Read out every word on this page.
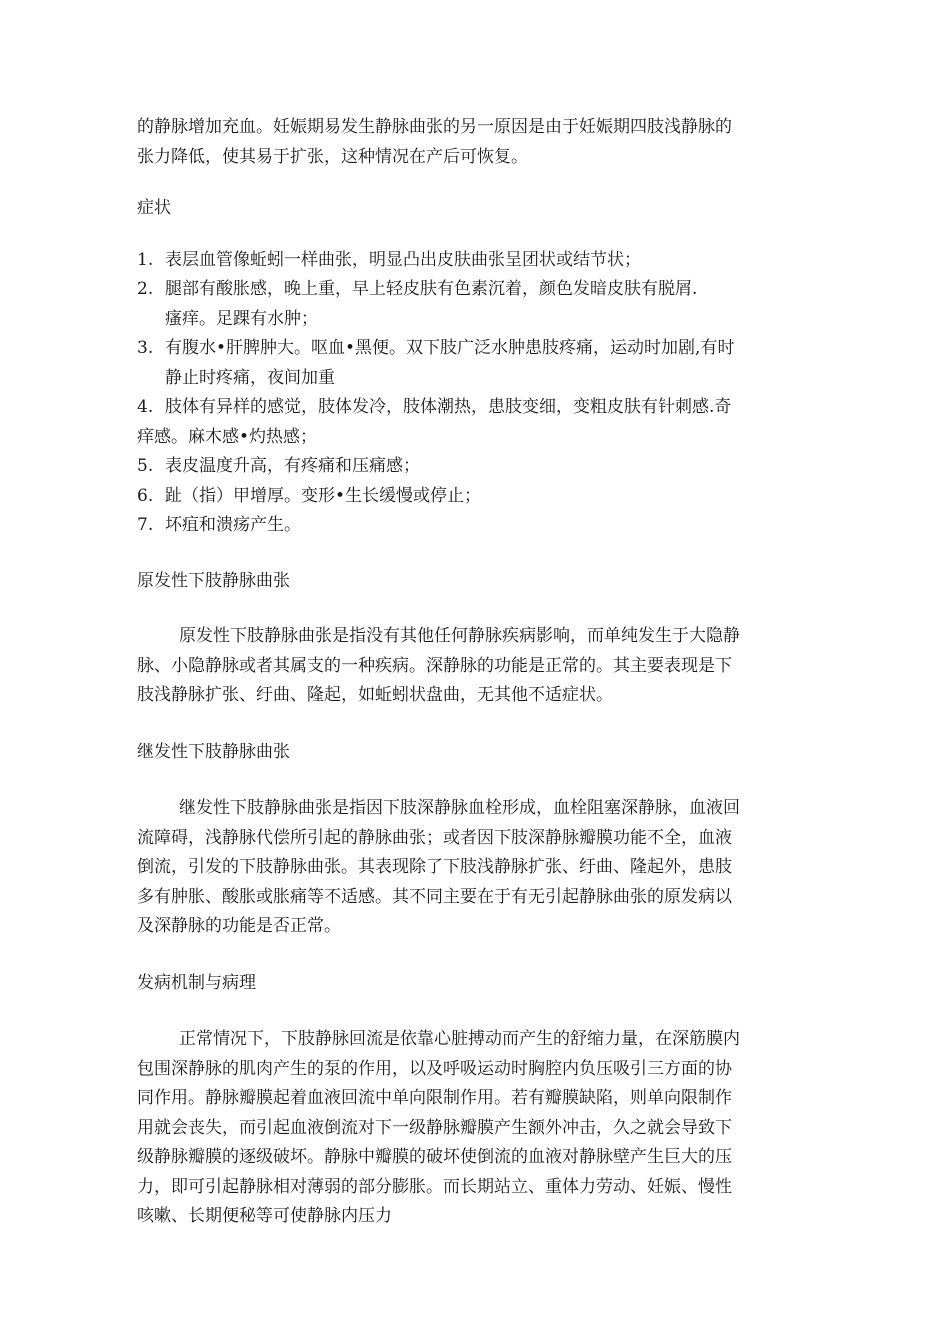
的静脉增加充血。妊娠期易发生静脉曲张的另一原因是由于妊娠期四肢浅静脉的
张力降低，使其易于扩张，这种情况在产后可恢复。

症状

1. 表层血管像蚯蚓一样曲张，明显凸出皮肤曲张呈团状或结节状；
2. 腿部有酸胀感，晚上重，早上轻皮肤有色素沉着，颜色发暗皮肤有脱屑.
瘙痒。足踝有水肿；
3. 有腹水•肝脾肿大。呕血•黑便。双下肢广泛水肿患肢疼痛，运动时加剧,有时
静止时疼痛，夜间加重
4. 肢体有异样的感觉，肢体发冷，肢体潮热，患肢变细，变粗皮肤有针刺感.奇
痒感。麻木感•灼热感；
5. 表皮温度升高，有疼痛和压痛感；
6. 趾（指）甲增厚。变形•生长缓慢或停止；
7. 坏疽和溃疡产生。

原发性下肢静脉曲张

原发性下肢静脉曲张是指没有其他任何静脉疾病影响，而单纯发生于大隐静
脉、小隐静脉或者其属支的一种疾病。深静脉的功能是正常的。其主要表现是下
肢浅静脉扩张、纡曲、隆起，如蚯蚓状盘曲，无其他不适症状。

继发性下肢静脉曲张

继发性下肢静脉曲张是指因下肢深静脉血栓形成，血栓阻塞深静脉，血液回
流障碍，浅静脉代偿所引起的静脉曲张；或者因下肢深静脉瓣膜功能不全，血液
倒流，引发的下肢静脉曲张。其表现除了下肢浅静脉扩张、纡曲、隆起外，患肢
多有肿胀、酸胀或胀痛等不适感。其不同主要在于有无引起静脉曲张的原发病以
及深静脉的功能是否正常。

发病机制与病理

正常情况下，下肢静脉回流是依靠心脏搏动而产生的舒缩力量，在深筋膜内
包围深静脉的肌肉产生的泵的作用，以及呼吸运动时胸腔内负压吸引三方面的协
同作用。静脉瓣膜起着血液回流中单向限制作用。若有瓣膜缺陷，则单向限制作
用就会丧失，而引起血液倒流对下一级静脉瓣膜产生额外冲击，久之就会导致下
级静脉瓣膜的逐级破坏。静脉中瓣膜的破坏使倒流的血液对静脉壁产生巨大的压
力，即可引起静脉相对薄弱的部分膨胀。而长期站立、重体力劳动、妊娠、慢性
咳嗽、长期便秘等可使静脉内压力
